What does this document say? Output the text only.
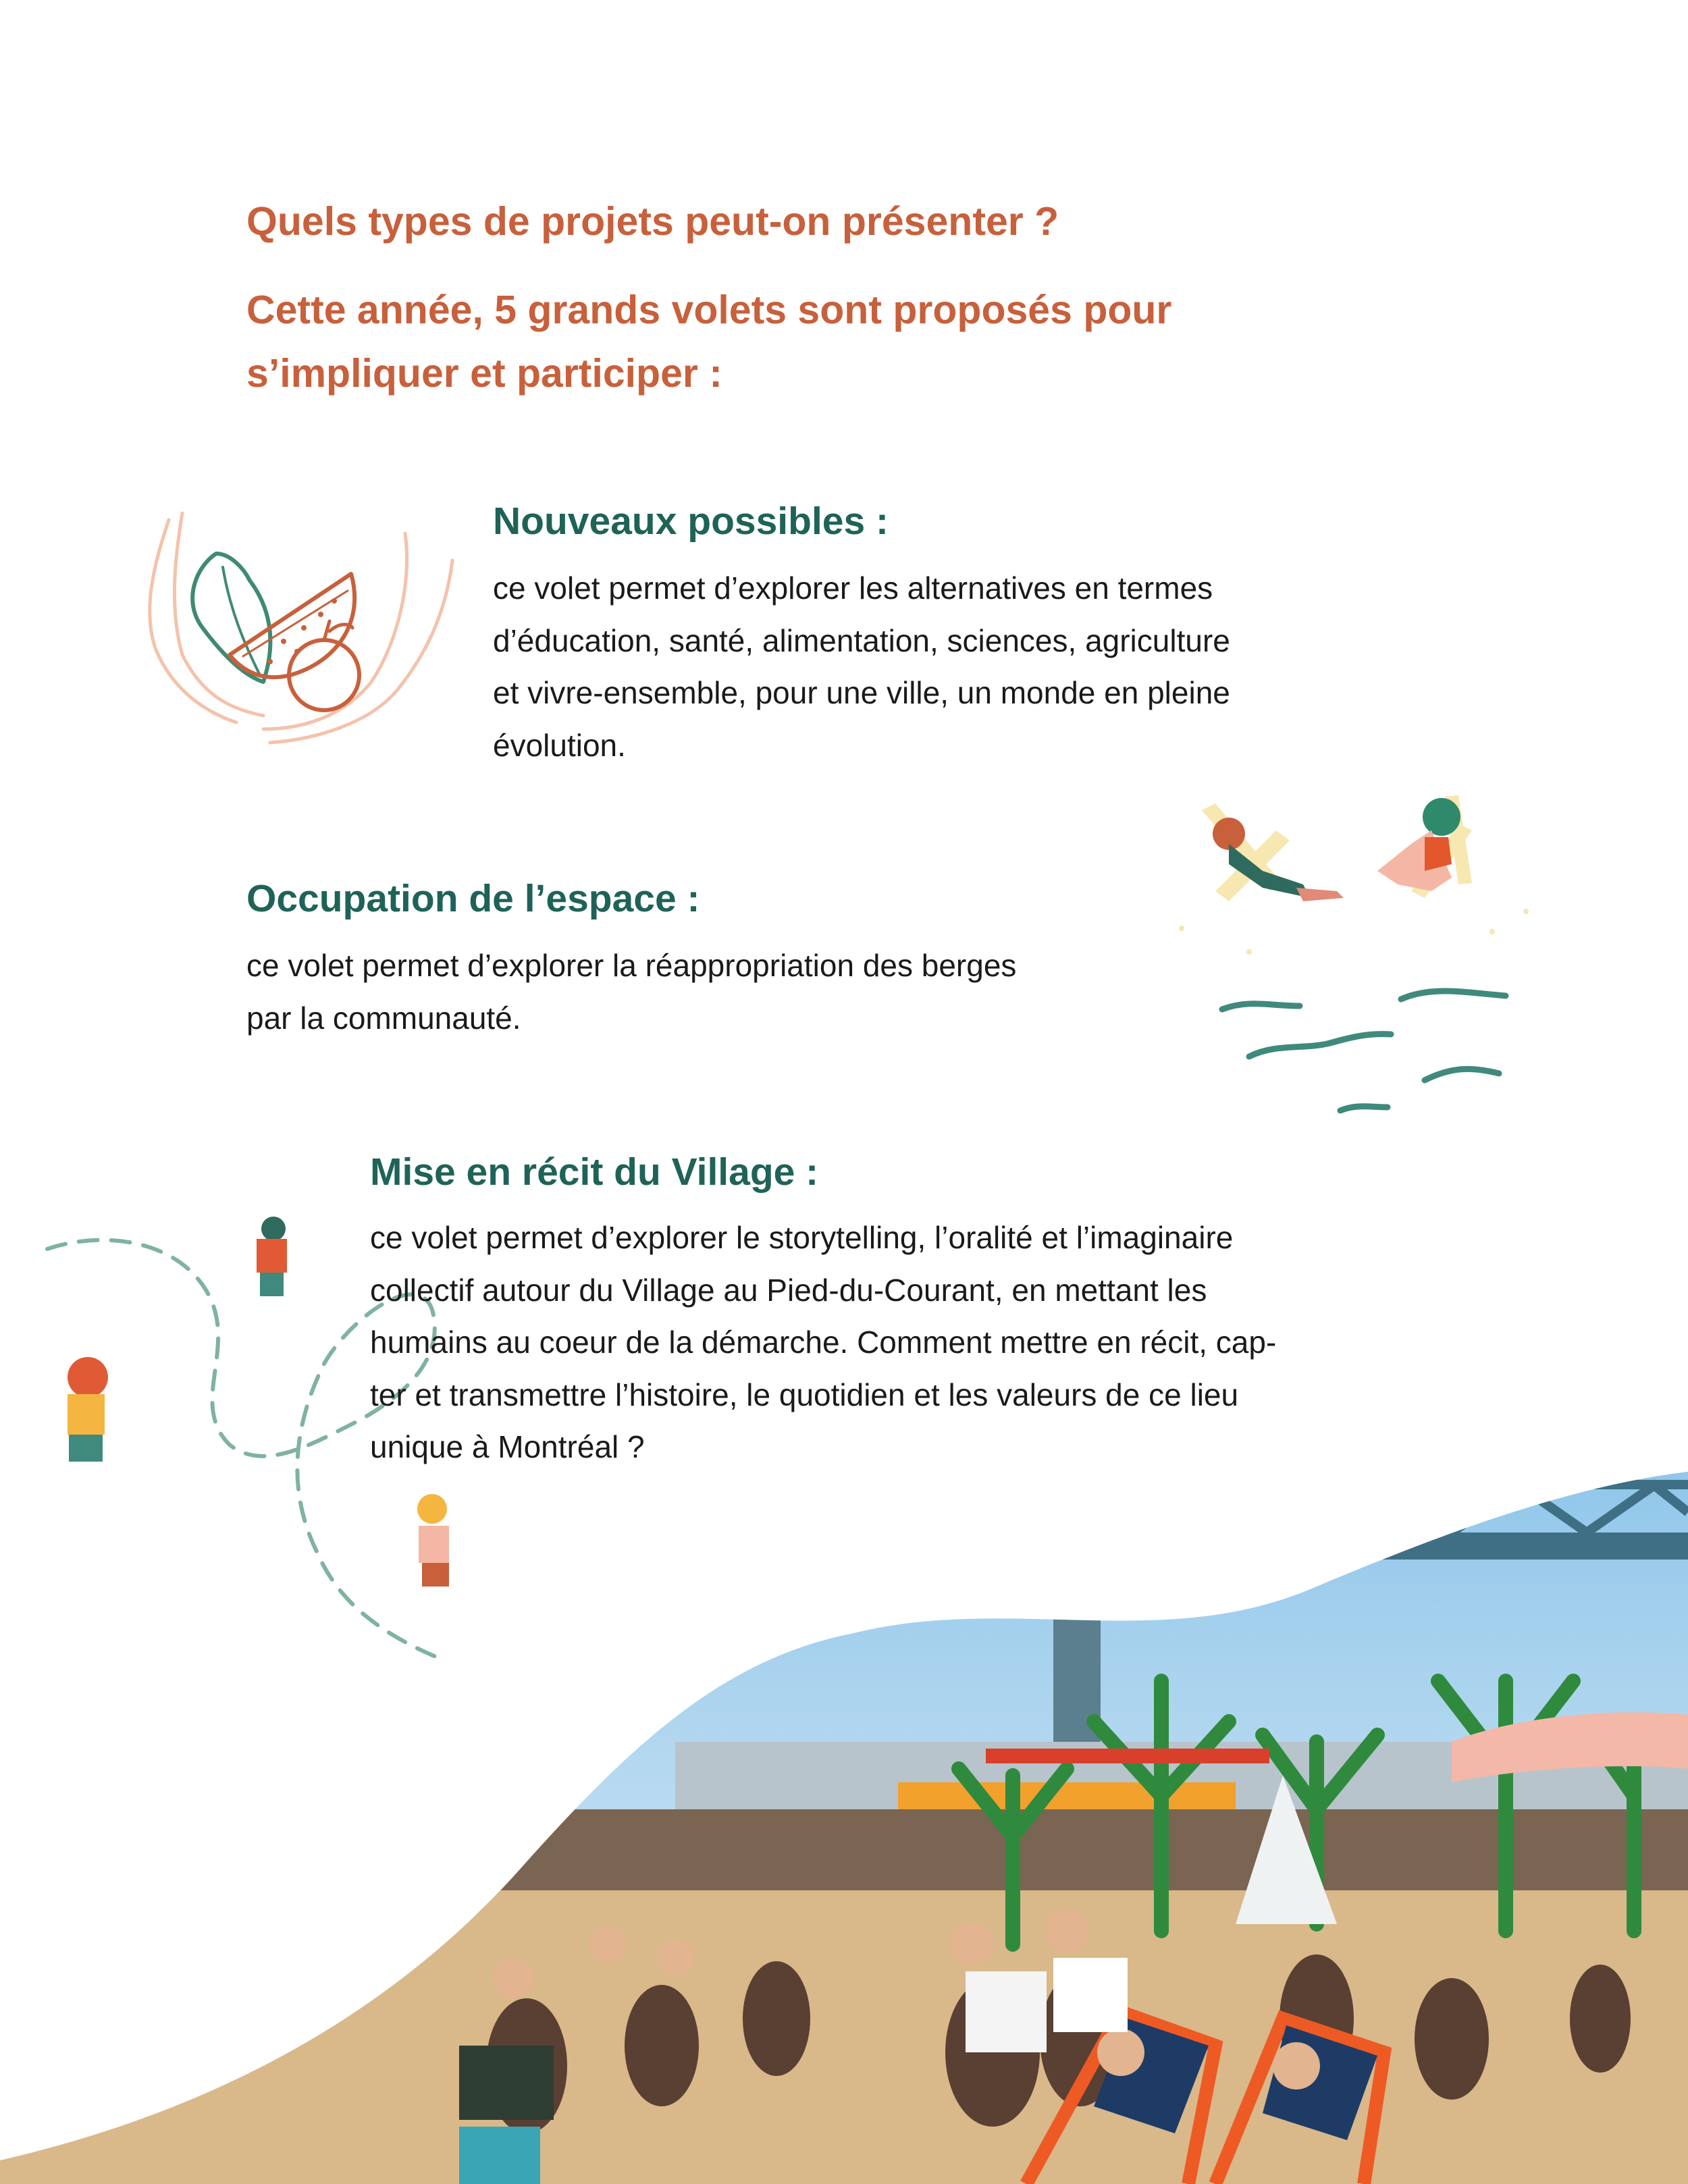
Quels types de projets peut-on présenter ?

Cette année, 5 grands volets sont proposés pour
s’impliquer et participer :

Nouveaux possibles :

ce volet permet d’explorer les alternatives en termes
d’éducation, santé, alimentation, sciences, agriculture
et vivre-ensemble, pour une ville, un monde en pleine
évolution.

Occupation de l’espace :

ce volet permet d’explorer la réappropriation des berges
par la communauté.

Mise en récit du Village :

ce volet permet d’explorer le storytelling, l’oralité et l’imaginaire
collectif autour du Village au Pied-du-Courant, en mettant les
humains au coeur de la démarche. Comment mettre en récit, cap-
ter et transmettre l’histoire, le quotidien et les valeurs de ce lieu
unique à Montréal ?
